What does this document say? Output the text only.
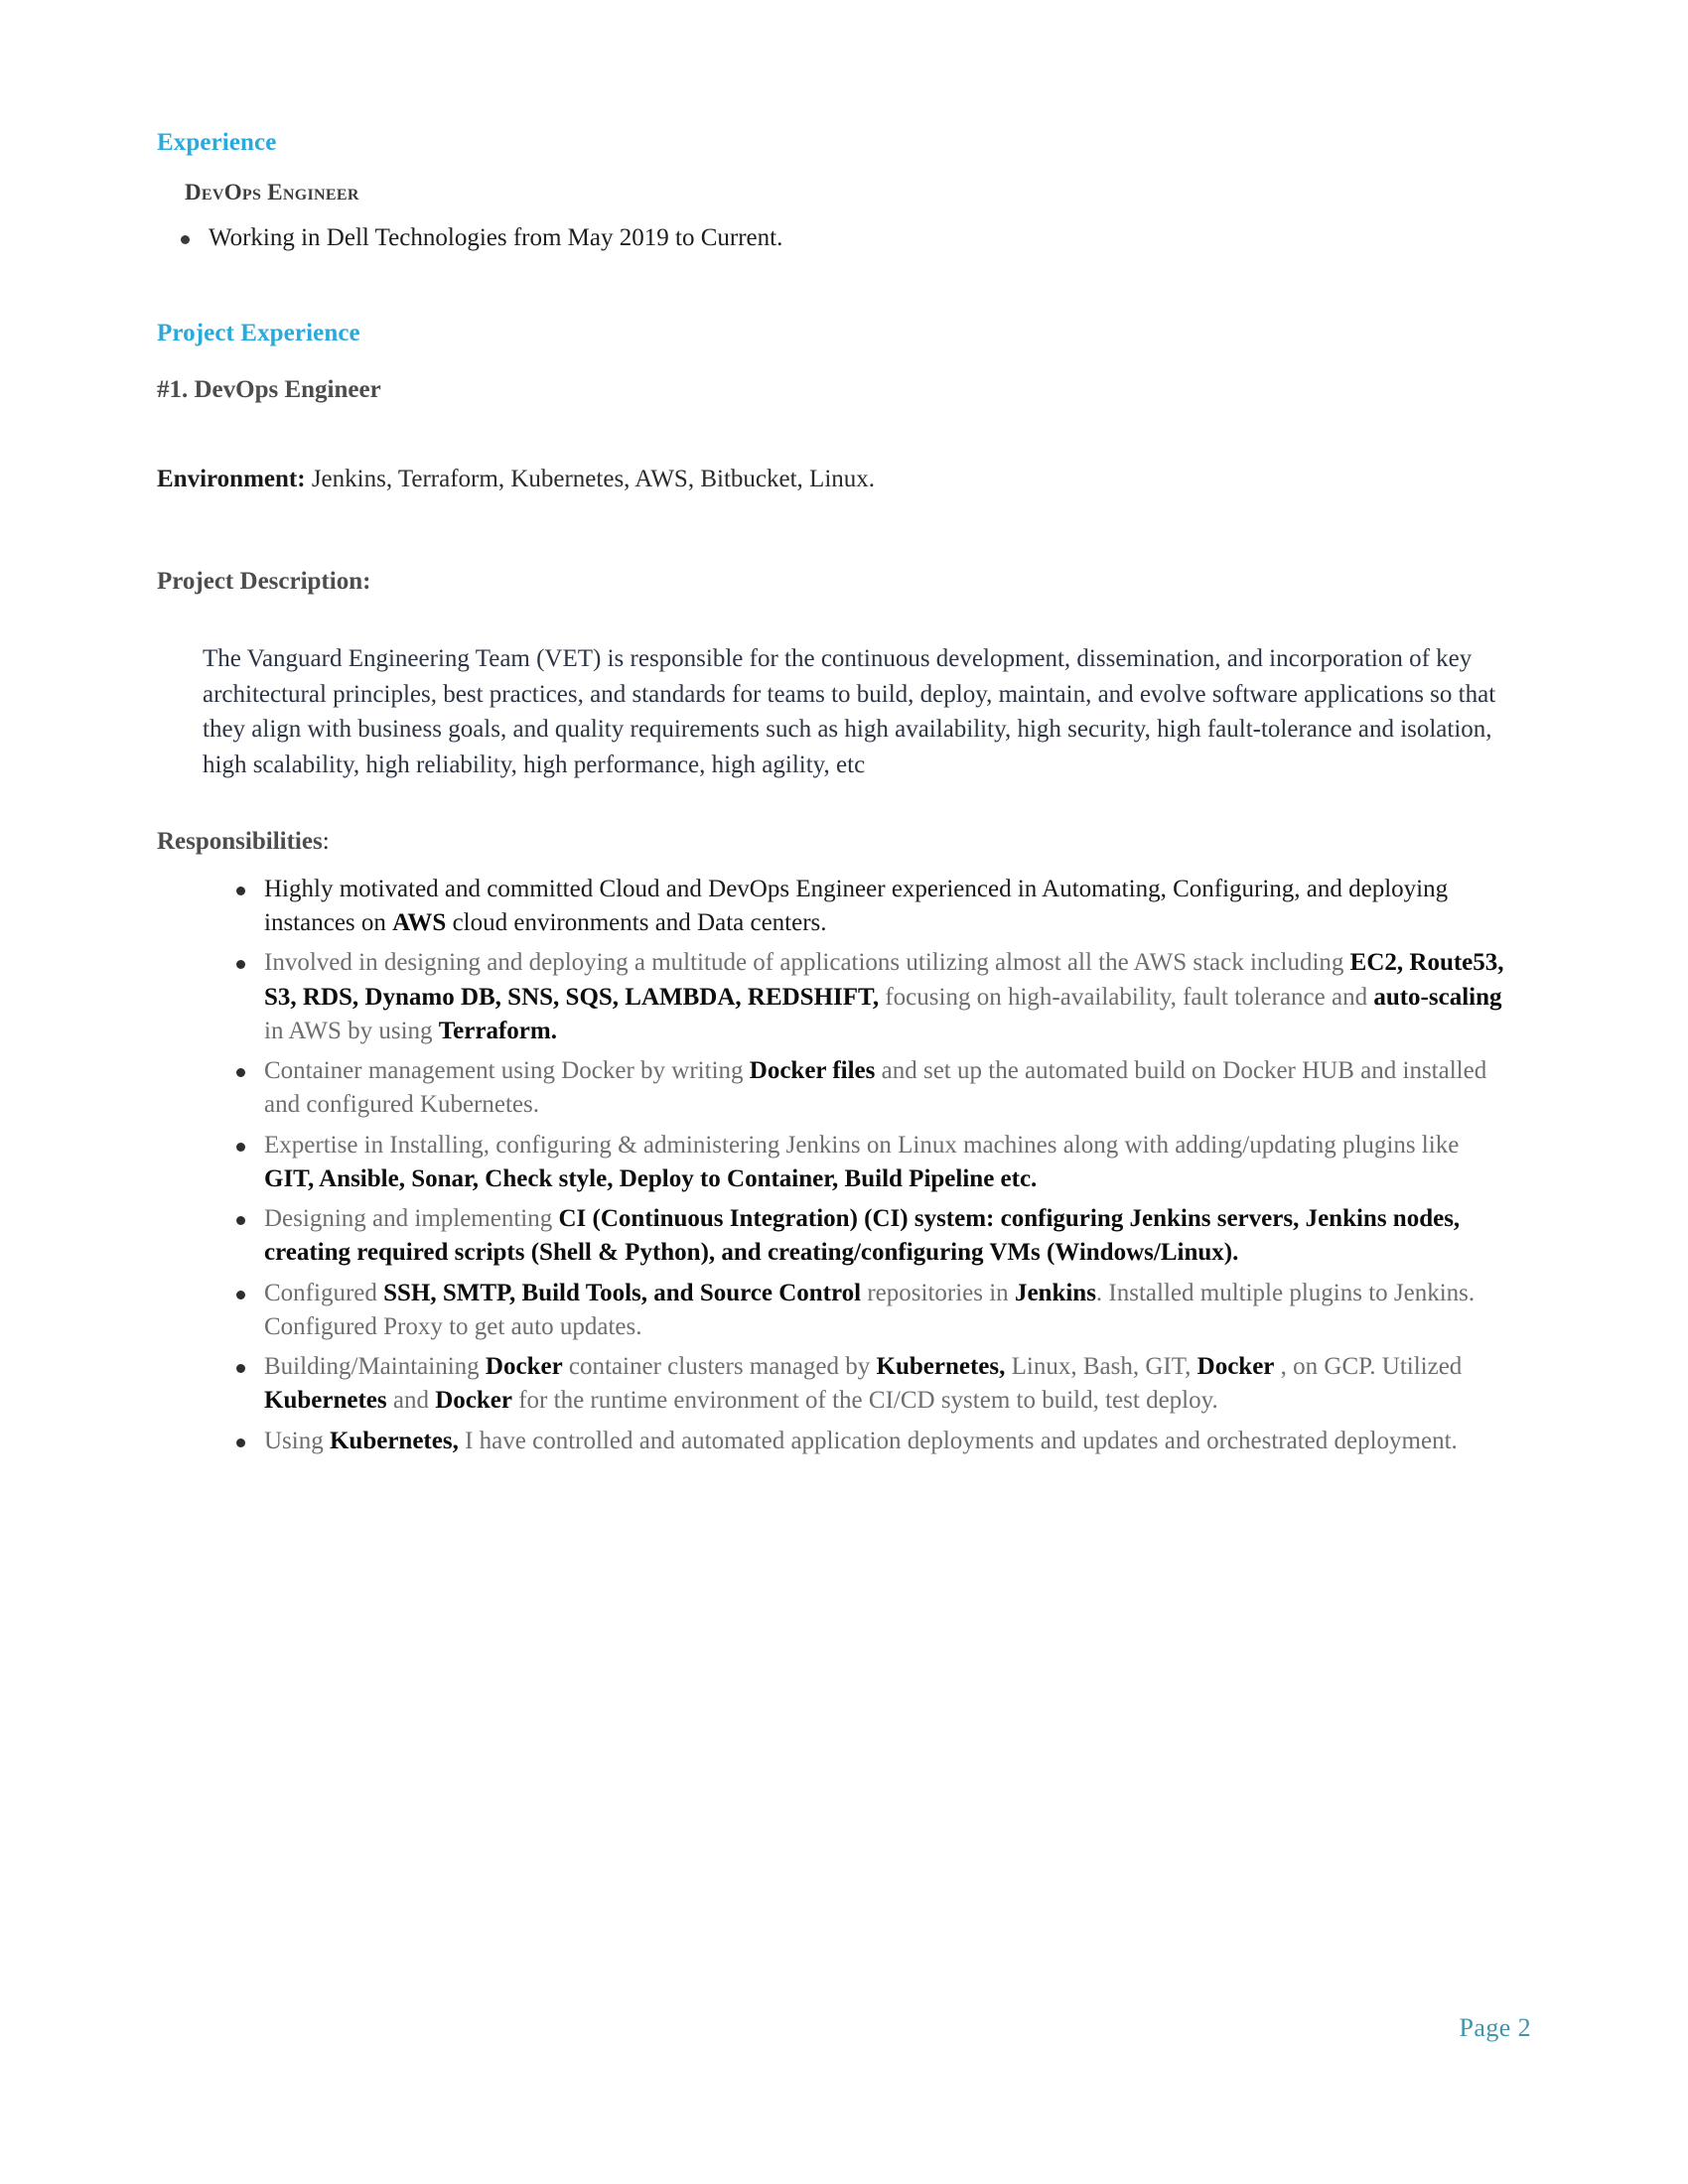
Experience
DevOps Engineer
Working in Dell Technologies from May 2019 to Current.
Project Experience
#1. DevOps Engineer
Environment: Jenkins, Terraform, Kubernetes, AWS, Bitbucket, Linux.
Project Description:

The Vanguard Engineering Team (VET) is responsible for the continuous development, dissemination, and incorporation of key architectural principles, best practices, and standards for teams to build, deploy, maintain, and evolve software applications so that they align with business goals, and quality requirements such as high availability, high security, high fault-tolerance and isolation, high scalability, high reliability, high performance, high agility, etc

Responsibilities:
Highly motivated and committed Cloud and DevOps Engineer experienced in Automating, Configuring, and deploying instances on AWS cloud environments and Data centers.
Involved in designing and deploying a multitude of applications utilizing almost all the AWS stack including EC2, Route53, S3, RDS, Dynamo DB, SNS, SQS, LAMBDA, REDSHIFT, focusing on high-availability, fault tolerance and auto-scaling in AWS by using Terraform.
Container management using Docker by writing Docker files and set up the automated build on Docker HUB and installed and configured Kubernetes.
Expertise in Installing, configuring & administering Jenkins on Linux machines along with adding/updating plugins like GIT, Ansible, Sonar, Check style, Deploy to Container, Build Pipeline etc.
Designing and implementing CI (Continuous Integration) (CI) system: configuring Jenkins servers, Jenkins nodes, creating required scripts (Shell & Python), and creating/configuring VMs (Windows/Linux).
Configured SSH, SMTP, Build Tools, and Source Control repositories in Jenkins. Installed multiple plugins to Jenkins. Configured Proxy to get auto updates.
Building/Maintaining Docker container clusters managed by Kubernetes, Linux, Bash, GIT, Docker , on GCP. Utilized Kubernetes and Docker for the runtime environment of the CI/CD system to build, test deploy.
Using Kubernetes, I have controlled and automated application deployments and updates and orchestrated deployment.
Page 2
